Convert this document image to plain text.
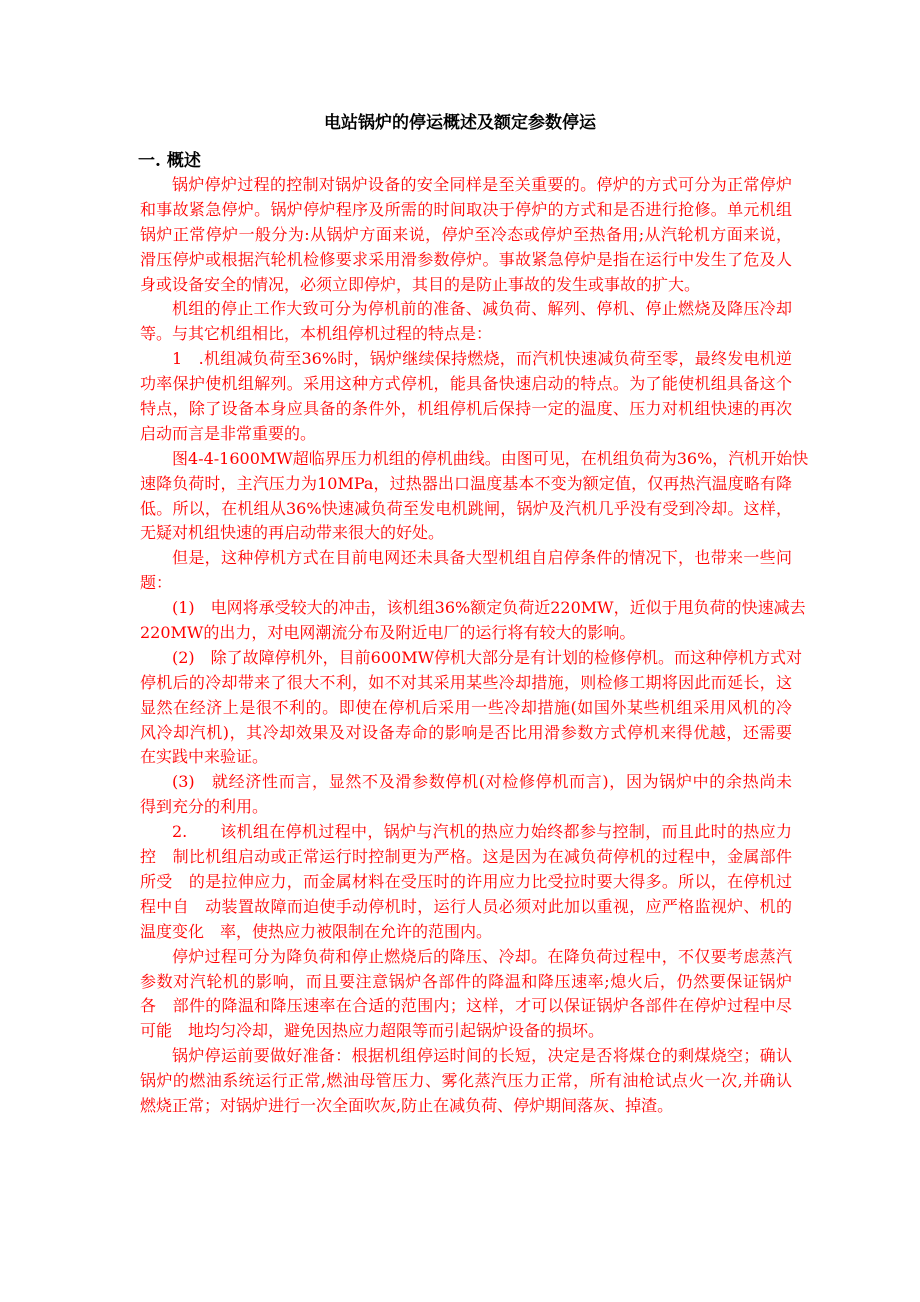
电站锅炉的停运概述及额定参数停运
一. 概述
锅炉停炉过程的控制对锅炉设备的安全同样是至关重要的。停炉的方式可分为正常停炉
和事故紧急停炉。锅炉停炉程序及所需的时间取决于停炉的方式和是否进行抢修。单元机组
锅炉正常停炉一般分为:从锅炉方面来说，停炉至冷态或停炉至热备用;从汽轮机方面来说，
滑压停炉或根据汽轮机检修要求采用滑参数停炉。事故紧急停炉是指在运行中发生了危及人
身或设备安全的情况，必须立即停炉，其目的是防止事故的发生或事故的扩大。
机组的停止工作大致可分为停机前的准备、减负荷、解列、停机、停止燃烧及降压冷却
等。与其它机组相比，本机组停机过程的特点是：
1　.机组减负荷至36%时，锅炉继续保持燃烧，而汽机快速减负荷至零，最终发电机逆
功率保护使机组解列。采用这种方式停机，能具备快速启动的特点。为了能使机组具备这个
特点，除了设备本身应具备的条件外，机组停机后保持一定的温度、压力对机组快速的再次
启动而言是非常重要的。
图4-4-1600MW超临界压力机组的停机曲线。由图可见，在机组负荷为36%，汽机开始快
速降负荷时，主汽压力为10MPa，过热器出口温度基本不变为额定值，仅再热汽温度略有降
低。所以，在机组从36%快速减负荷至发电机跳闸，锅炉及汽机几乎没有受到冷却。这样，
无疑对机组快速的再启动带来很大的好处。
但是，这种停机方式在目前电网还未具备大型机组自启停条件的情况下，也带来一些问
题：
(1)　电网将承受较大的冲击，该机组36%额定负荷近220MW，近似于甩负荷的快速减去
220MW的出力，对电网潮流分布及附近电厂的运行将有较大的影响。
(2)　除了故障停机外，目前600MW停机大部分是有计划的检修停机。而这种停机方式对
停机后的冷却带来了很大不利，如不对其采用某些冷却措施，则检修工期将因此而延长，这
显然在经济上是很不利的。即使在停机后采用一些冷却措施(如国外某些机组采用风机的冷
风冷却汽机)，其冷却效果及对设备寿命的影响是否比用滑参数方式停机来得优越，还需要
在实践中来验证。
(3)　就经济性而言，显然不及滑参数停机(对检修停机而言)，因为锅炉中的余热尚未
得到充分的利用。
2.　　该机组在停机过程中，锅炉与汽机的热应力始终都参与控制，而且此时的热应力
控　制比机组启动或正常运行时控制更为严格。这是因为在减负荷停机的过程中，金属部件
所受　的是拉伸应力，而金属材料在受压时的许用应力比受拉时要大得多。所以，在停机过
程中自　动装置故障而迫使手动停机时，运行人员必须对此加以重视，应严格监视炉、机的
温度变化　率，使热应力被限制在允许的范围内。
停炉过程可分为降负荷和停止燃烧后的降压、冷却。在降负荷过程中，不仅要考虑蒸汽
参数对汽轮机的影响，而且要注意锅炉各部件的降温和降压速率;熄火后，仍然要保证锅炉
各　部件的降温和降压速率在合适的范围内；这样，才可以保证锅炉各部件在停炉过程中尽
可能　地均匀冷却，避免因热应力超限等而引起锅炉设备的损坏。
锅炉停运前要做好准备：根据机组停运时间的长短，决定是否将煤仓的剩煤烧空；确认
锅炉的燃油系统运行正常,燃油母管压力、雾化蒸汽压力正常，所有油枪试点火一次,并确认
燃烧正常；对锅炉进行一次全面吹灰,防止在减负荷、停炉期间落灰、掉渣。
